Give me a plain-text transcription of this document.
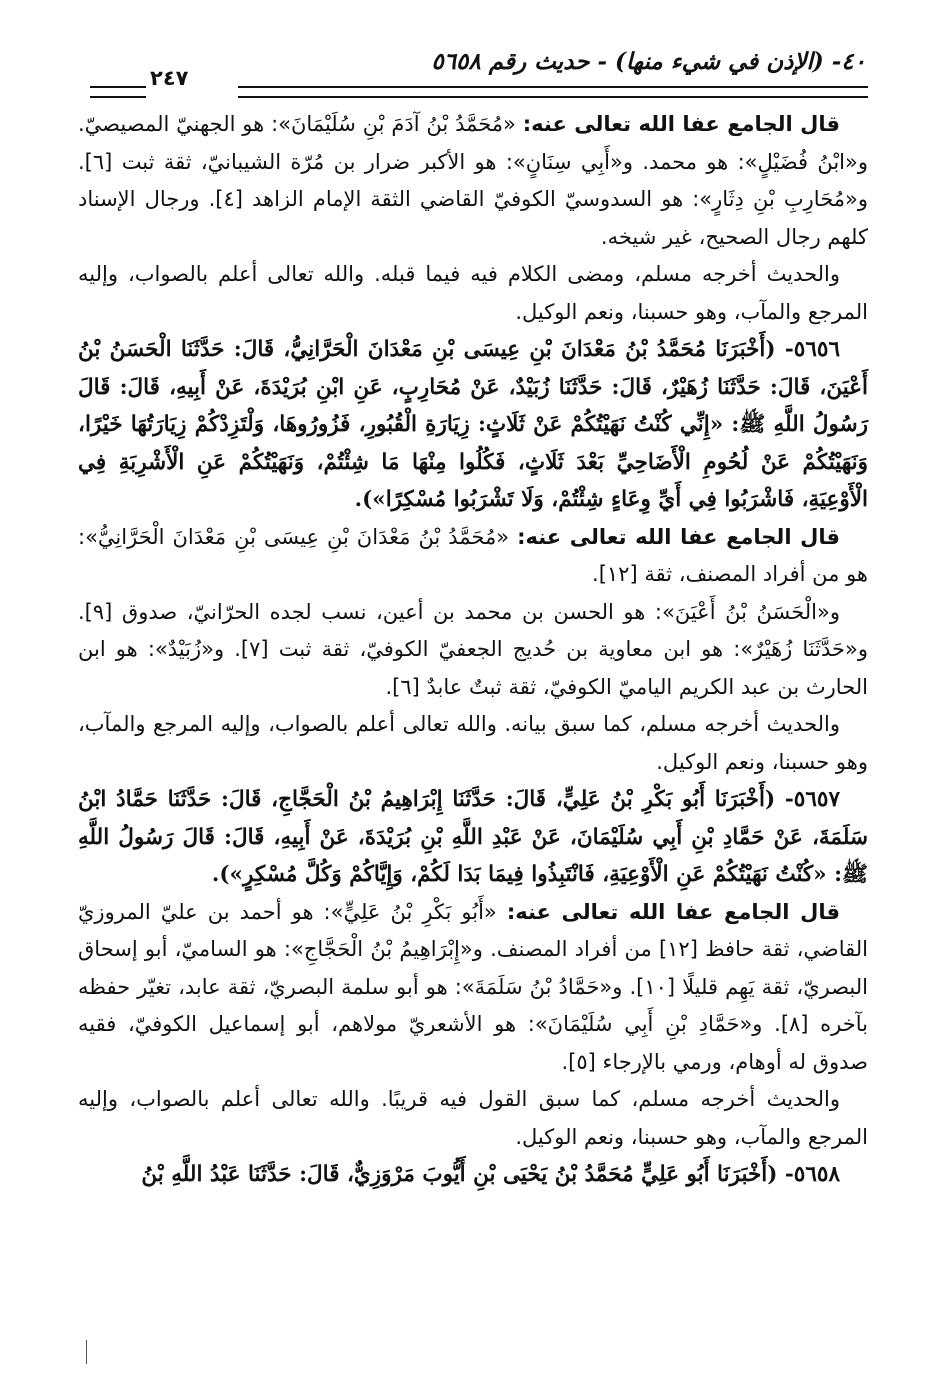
٤٠- (الإذن في شيء منها) - حديث رقم ٥٦٥٨
٢٤٧

قال الجامع عفا الله تعالى عنه: «مُحَمَّدُ بْنُ آدَمَ بْنِ سُلَيْمَانَ»: هو الجهنيّ المصيصيّ. و«ابْنُ فُضَيْلٍ»: هو محمد. و«أَبِي سِنَانٍ»: هو الأكبر ضرار بن مُرّة الشيبانيّ، ثقة ثبت [٦]. و«مُحَارِبِ بْنِ دِثَارٍ»: هو السدوسيّ الكوفيّ القاضي الثقة الإمام الزاهد [٤]. ورجال الإسناد كلهم رجال الصحيح، غير شيخه.

والحديث أخرجه مسلم، ومضى الكلام فيه فيما قبله. والله تعالى أعلم بالصواب، وإليه المرجع والمآب، وهو حسبنا، ونعم الوكيل.

٥٦٥٦- (أَخْبَرَنَا مُحَمَّدُ بْنُ مَعْدَانَ بْنِ عِيسَى بْنِ مَعْدَانَ الْحَرَّانِيُّ، قَالَ: حَدَّثَنَا الْحَسَنُ بْنُ أَعْيَنَ، قَالَ: حَدَّثَنَا زُهَيْرٌ، قَالَ: حَدَّثَنَا زُبَيْدٌ، عَنْ مُحَارِبٍ، عَنِ ابْنِ بُرَيْدَةَ، عَنْ أَبِيهِ، قَالَ: قَالَ رَسُولُ اللَّهِ ﷺ: «إِنِّي كُنْتُ نَهَيْتُكُمْ عَنْ ثَلَاثٍ: زِيَارَةِ الْقُبُورِ، فَزُورُوهَا، وَلْتَزِدْكُمْ زِيَارَتُهَا خَيْرًا، وَنَهَيْتُكُمْ عَنْ لُحُومِ الْأَضَاحِيِّ بَعْدَ ثَلَاثٍ، فَكُلُوا مِنْهَا مَا شِئْتُمْ، وَنَهَيْتُكُمْ عَنِ الْأَشْرِبَةِ فِي الْأَوْعِيَةِ، فَاشْرَبُوا فِي أَيِّ وِعَاءٍ شِئْتُمْ، وَلَا تَشْرَبُوا مُسْكِرًا»).

قال الجامع عفا الله تعالى عنه: «مُحَمَّدُ بْنُ مَعْدَانَ بْنِ عِيسَى بْنِ مَعْدَانَ الْحَرَّانِيُّ»: هو من أفراد المصنف، ثقة [١٢].

و«الْحَسَنُ بْنُ أَعْيَنَ»: هو الحسن بن محمد بن أعين، نسب لجده الحرّانيّ، صدوق [٩]. و«حَدَّثَنَا زُهَيْرٌ»: هو ابن معاوية بن حُديج الجعفيّ الكوفيّ، ثقة ثبت [٧]. و«زُبَيْدٌ»: هو ابن الحارث بن عبد الكريم الياميّ الكوفيّ، ثقة ثبتٌ عابدٌ [٦].

والحديث أخرجه مسلم، كما سبق بيانه. والله تعالى أعلم بالصواب، وإليه المرجع والمآب، وهو حسبنا، ونعم الوكيل.

٥٦٥٧- (أَخْبَرَنَا أَبُو بَكْرِ بْنُ عَلِيٍّ، قَالَ: حَدَّثَنَا إِبْرَاهِيمُ بْنُ الْحَجَّاجِ، قَالَ: حَدَّثَنَا حَمَّادُ ابْنُ سَلَمَةَ، عَنْ حَمَّادِ بْنِ أَبِي سُلَيْمَانَ، عَنْ عَبْدِ اللَّهِ بْنِ بُرَيْدَةَ، عَنْ أَبِيهِ، قَالَ: قَالَ رَسُولُ اللَّهِ ﷺ: «كُنْتُ نَهَيْتُكُمْ عَنِ الْأَوْعِيَةِ، فَانْتَبِذُوا فِيمَا بَدَا لَكُمْ، وَإِيَّاكُمْ وَكُلَّ مُسْكِرٍ»).

قال الجامع عفا الله تعالى عنه: «أَبُو بَكْرِ بْنُ عَلِيٍّ»: هو أحمد بن عليّ المروزيّ القاضي، ثقة حافظ [١٢] من أفراد المصنف. و«إِبْرَاهِيمُ بْنُ الْحَجَّاجِ»: هو الساميّ، أبو إسحاق البصريّ، ثقة يَهِم قليلًا [١٠]. و«حَمَّادُ بْنُ سَلَمَةَ»: هو أبو سلمة البصريّ، ثقة عابد، تغيّر حفظه بآخره [٨]. و«حَمَّادِ بْنِ أَبِي سُلَيْمَانَ»: هو الأشعريّ مولاهم، أبو إسماعيل الكوفيّ، فقيه صدوق له أوهام، ورمي بالإرجاء [٥].

والحديث أخرجه مسلم، كما سبق القول فيه قريبًا. والله تعالى أعلم بالصواب، وإليه المرجع والمآب، وهو حسبنا، ونعم الوكيل.

٥٦٥٨- (أَخْبَرَنَا أَبُو عَلِيٍّ مُحَمَّدُ بْنُ يَحْيَى بْنِ أَيُّوبَ مَرْوَزِيٌّ، قَالَ: حَدَّثَنَا عَبْدُ اللَّهِ بْنُ
